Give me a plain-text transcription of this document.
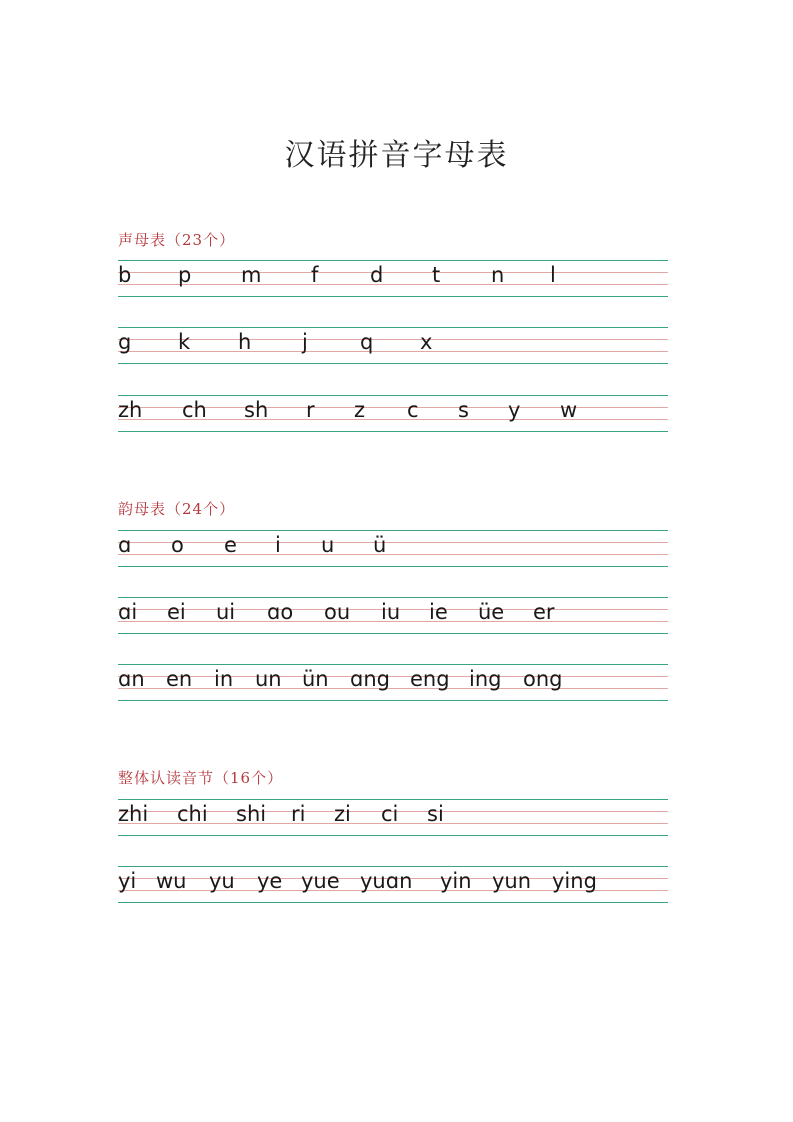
汉语拼音字母表
声母表（23个）
韵母表（24个）
整体认读音节（16个）
b p m f d t n l
g k h j q x
zh ch sh r z c s y w
ɑ o e i u ü
ɑi ei ui ɑo ou iu ie üe er
ɑn en in un ün ɑng eng ing ong
zhi chi shi ri zi ci si
yi wu yu ye yue yuɑn yin yun ying
